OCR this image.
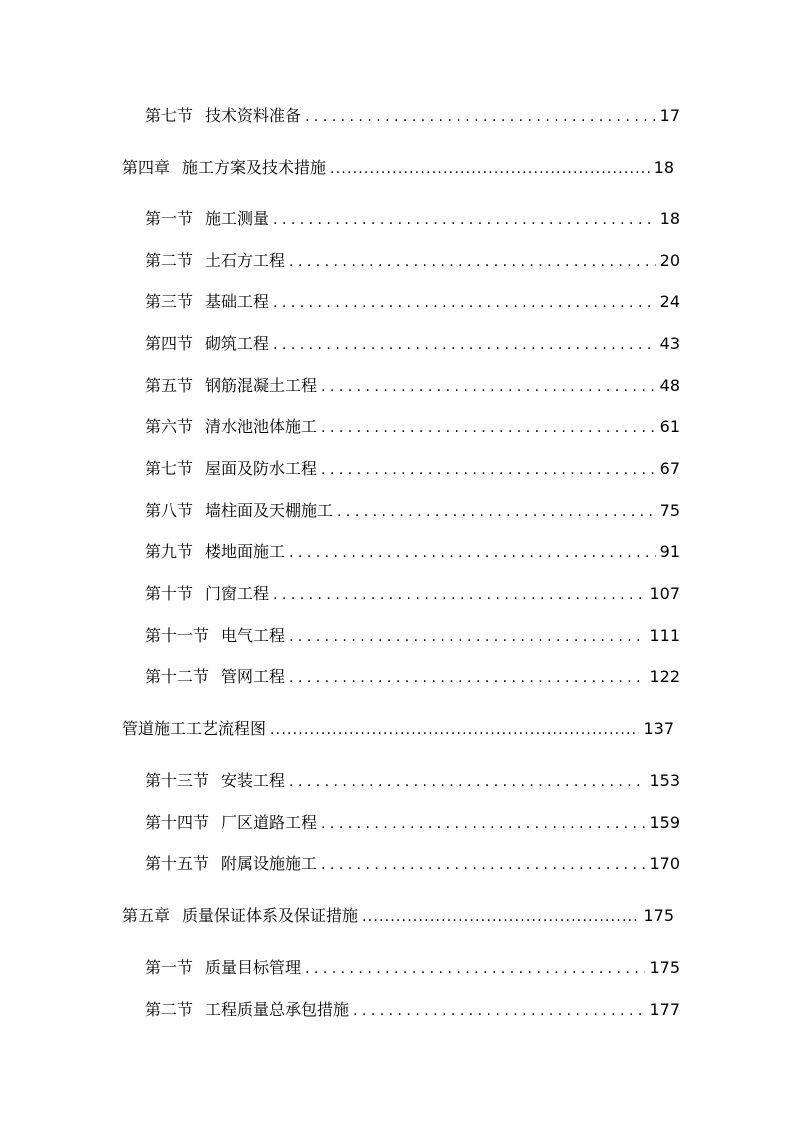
第七节 技术资料准备 . . .	17
第四章 施工方案及技术措施 .....	18
第一节 施工测量 . . .	18
第二节 土石方工程 . . .	20
第三节 基础工程 . . .	24
第四节 砌筑工程 . . .	43
第五节 钢筋混凝土工程 . . .	48
第六节 清水池池体施工 . . .	61
第七节 屋面及防水工程 . . .	67
第八节 墙柱面及天棚施工 . . .	75
第九节 楼地面施工 . . .	91
第十节 门窗工程 . . .	107
第十一节 电气工程 . . .	111
第十二节 管网工程 . . .	122
管道施工工艺流程图 .....	137
第十三节 安装工程 . . .	153
第十四节 厂区道路工程 . . .	159
第十五节 附属设施施工 . . .	170
第五章 质量保证体系及保证措施 .....	175
第一节 质量目标管理 . . .	175
第二节 工程质量总承包措施 . . .	177
